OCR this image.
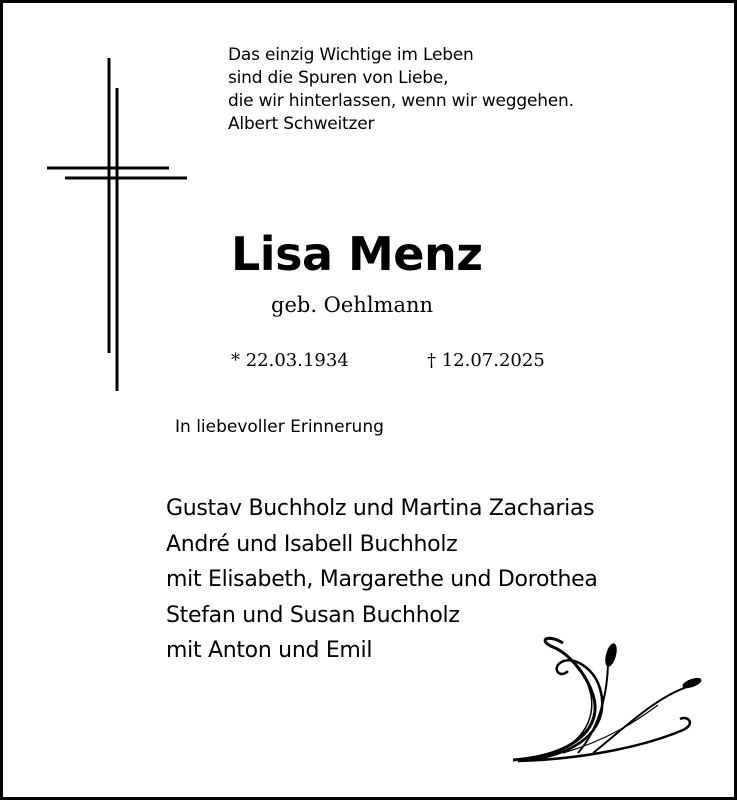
Das einzig Wichtige im Leben
sind die Spuren von Liebe,
die wir hinterlassen, wenn wir weggehen.
Albert Schweitzer
Lisa Menz
geb. Oehlmann
* 22.03.1934	† 12.07.2025
In liebevoller Erinnerung
Gustav Buchholz und Martina Zacharias
André und Isabell Buchholz
mit Elisabeth, Margarethe und Dorothea
Stefan und Susan Buchholz
mit Anton und Emil
